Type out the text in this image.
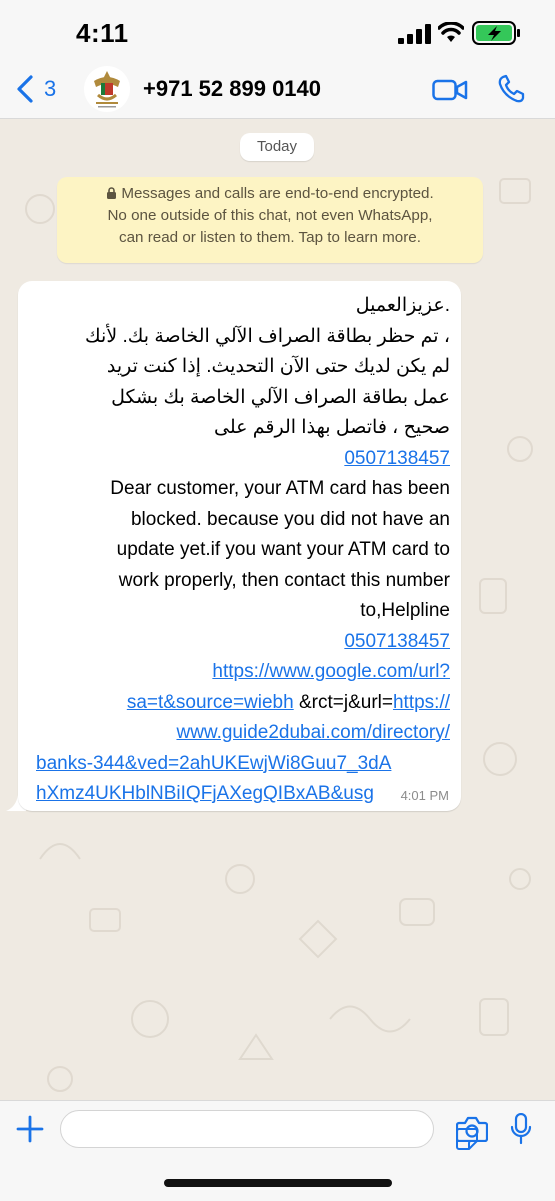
4:11
3	+971 52 899 0140
Today
Messages and calls are end-to-end encrypted.
No one outside of this chat, not even WhatsApp,
can read or listen to them. Tap to learn more.
.عزيزالعميل
، تم حظر بطاقة الصراف الآلي الخاصة بك. لأنك
لم يكن لديك حتى الآن التحديث. إذا كنت تريد
عمل بطاقة الصراف الآلي الخاصة بك بشكل
صحيح ، فاتصل بهذا الرقم على
0507138457
Dear customer, your ATM card has been
blocked. because you did not have an
update yet.if you want your ATM card to
work properly, then contact this number
to,Helpline
0507138457
https://www.google.com/url?
sa=t&source=wiebh &rct=j&url=https://
www.guide2dubai.com/directory/
banks-344&ved=2ahUKEwjWi8Guu7_3dA
hXmz4UKHblNBiIQFjAXegQIBxAB&usg	4:01 PM
